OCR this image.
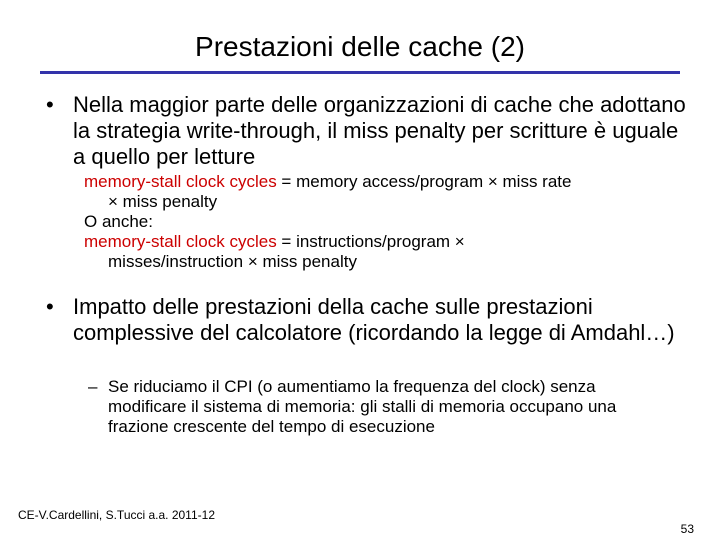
Prestazioni delle cache (2)
• Nella maggior parte delle organizzazioni di cache che adottano la strategia write-through, il miss penalty per scritture è uguale a quello per letture
memory-stall clock cycles = memory access/program × miss rate
× miss penalty
O anche:
memory-stall clock cycles = instructions/program ×
misses/instruction × miss penalty
• Impatto delle prestazioni della cache sulle prestazioni complessive del calcolatore (ricordando la legge di Amdahl…)
– Se riduciamo il CPI (o aumentiamo la frequenza del clock) senza modificare il sistema di memoria: gli stalli di memoria occupano una frazione crescente del tempo di esecuzione
CE-V.Cardellini, S.Tucci a.a. 2011-12
53
